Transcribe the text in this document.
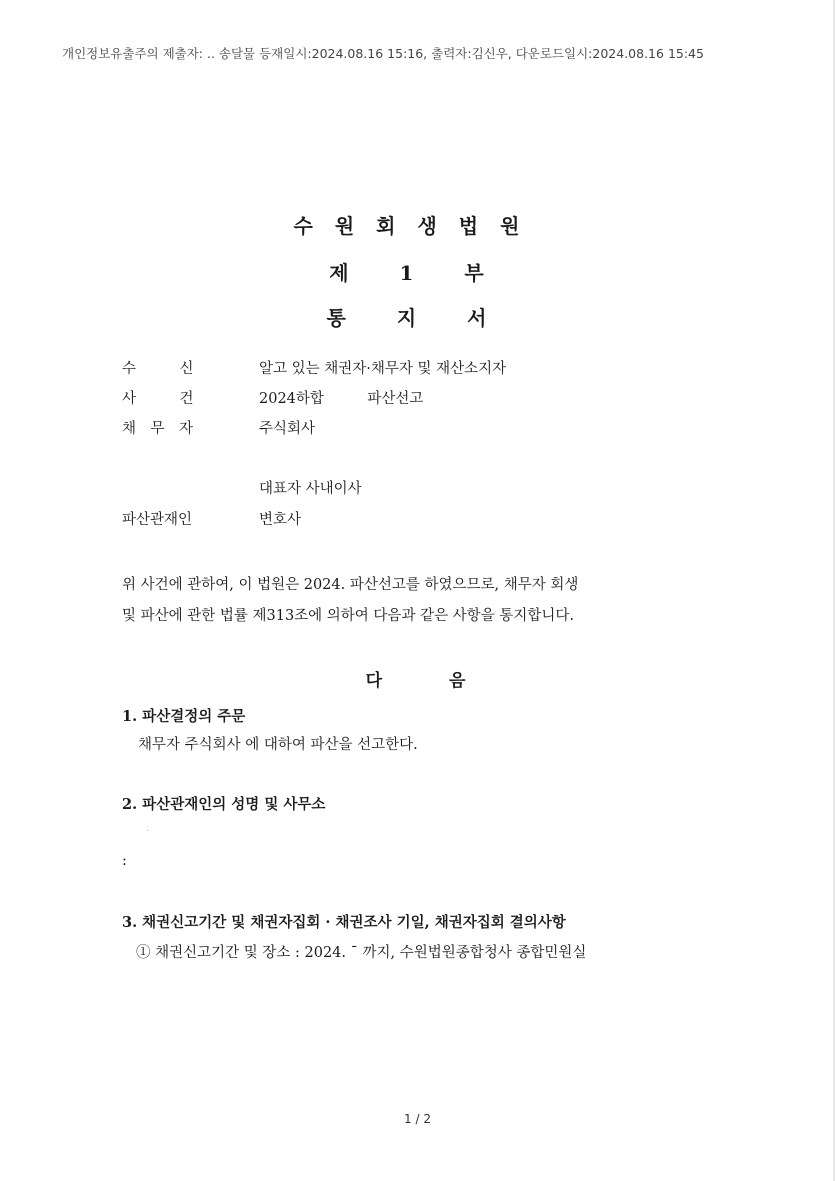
개인정보유출주의 제출자: .. 송달물 등재일시:2024.08.16 15:16, 출력자:김신우, 다운로드일시:2024.08.16 15:45
수원회생법원
제 1 부
통 지 서
수　　　신	알고 있는 채권자·채무자 및 재산소지자
사　　　건	2024하합　　　파산선고
채　무　자	주식회사
대표자 사내이사
파산관재인	변호사
위 사건에 관하여, 이 법원은 2024. 파산선고를 하였으므로, 채무자 회생
및 파산에 관한 법률 제313조에 의하여 다음과 같은 사항을 통지합니다.
다　　　음
1. 파산결정의 주문
채무자 주식회사 에 대하여 파산을 선고한다.
2. 파산관재인의 성명 및 사무소
·
:
3. 채권신고기간 및 채권자집회 · 채권조사 기일, 채권자집회 결의사항
① 채권신고기간 및 장소 : 2024. ¯ 까지, 수원법원종합청사 종합민원실
1 / 2
